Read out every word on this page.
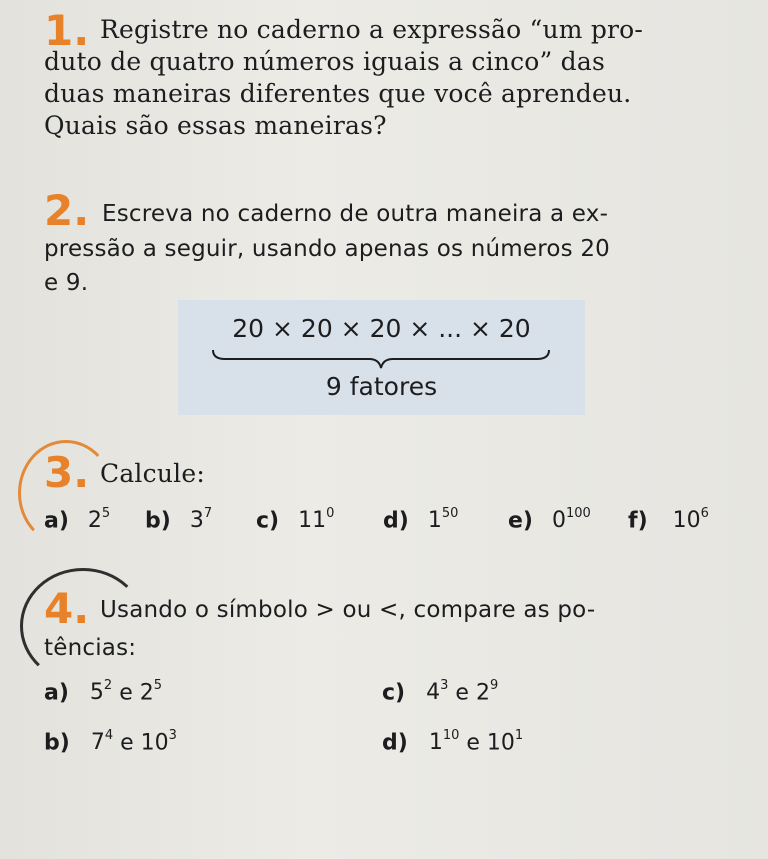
1. Registre no caderno a expressão “um pro-
duto de quatro números iguais a cinco” das
duas maneiras diferentes que você aprendeu.
Quais são essas maneiras?
2. Escreva no caderno de outra maneira a ex-
pressão a seguir, usando apenas os números 20
e 9.
20 × 20 × 20 × ... × 20
9 fatores
3. Calcule:
a) $2^5$ b) $3^7$ c) $11^0$ d) $1^{50}$ e) $0^{100}$ f) $10^6$
4. Usando o símbolo > ou <, compare as po-
tências:
a) $5^2$ e $2^5$	c) $4^3$ e $2^9$
b) $7^4$ e $10^3$	d) $1^{10}$ e $10^1$
